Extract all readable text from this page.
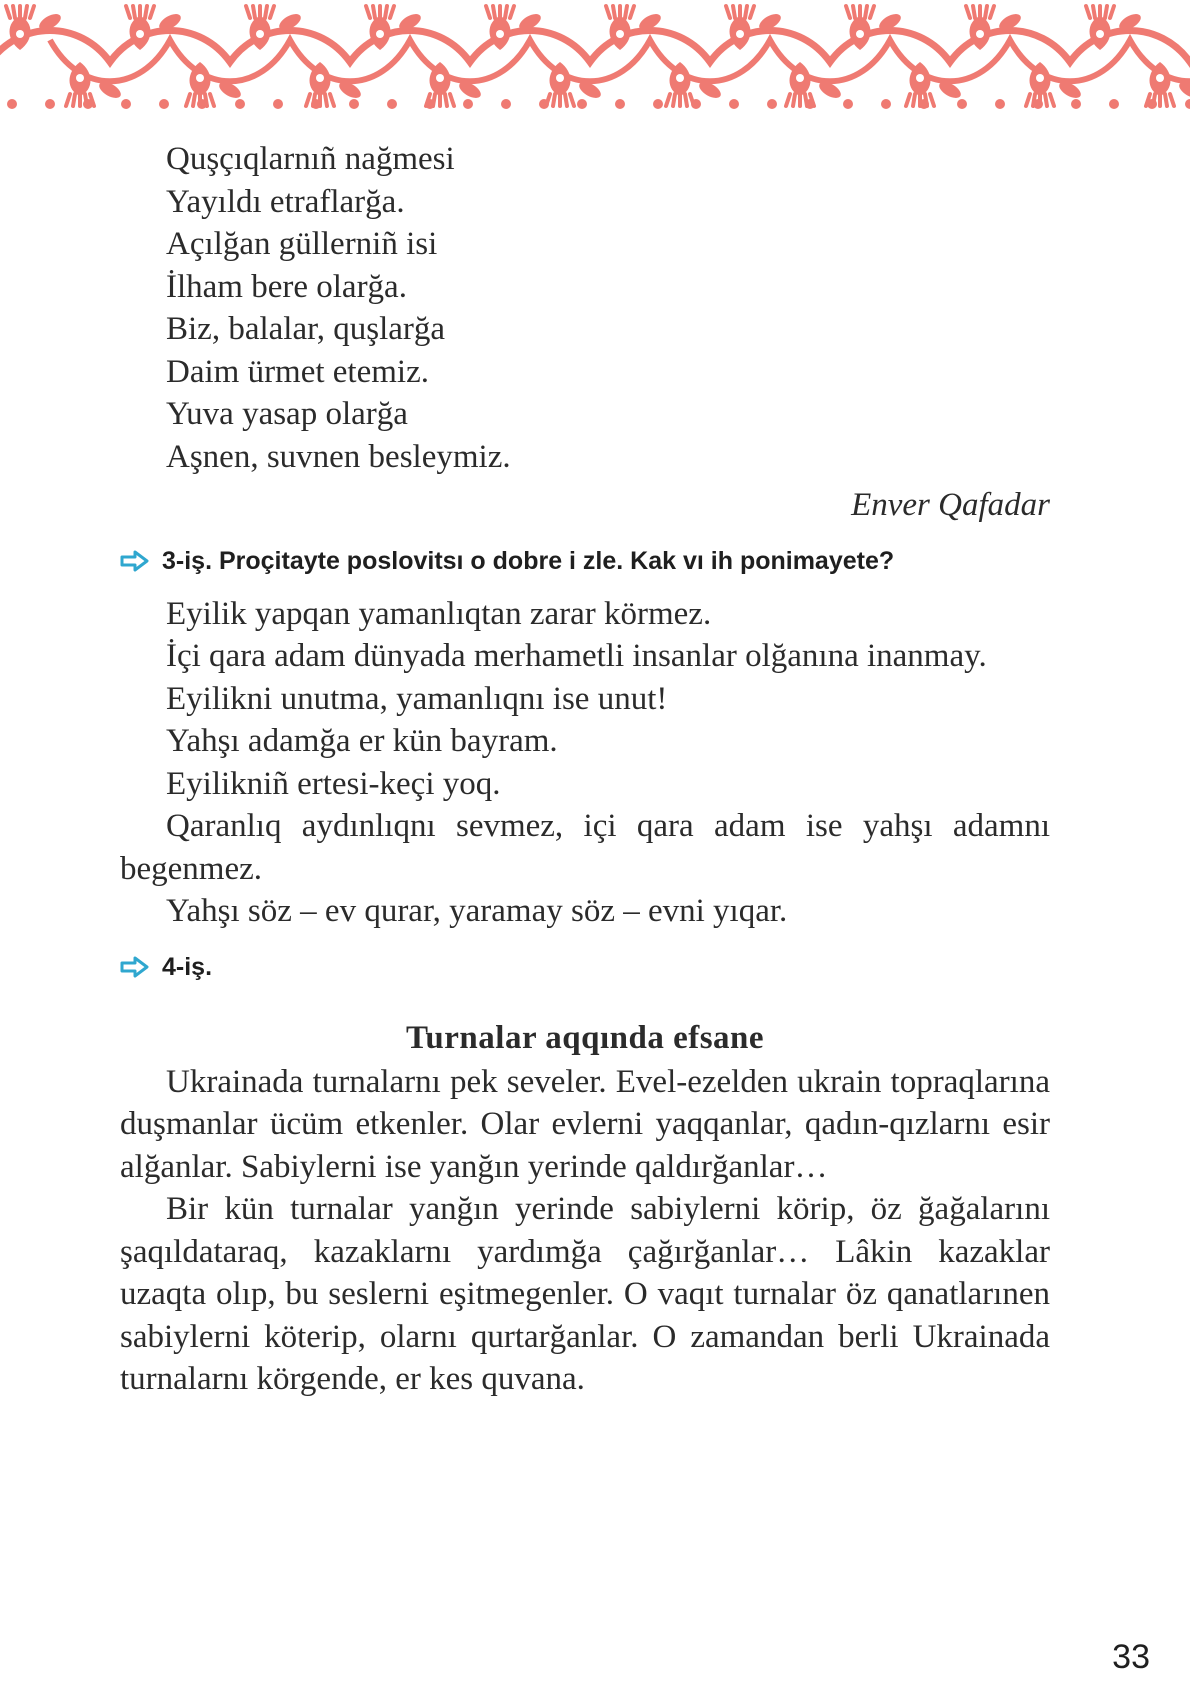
Quşçıqlarnıñ nağmesi
Yayıldı etraflarğa.
Açılğan güllerniñ isi
İlham bere olarğa.
Biz, balalar, quşlarğa
Daim ürmet etemiz.
Yuva yasap olarğa
Aşnen, suvnen besleymiz.
Enver Qafadar
3-iş. Proçitayte poslovitsı o dobre i zle. Kak vı ih ponimayete?

Eyilik yapqan yamanlıqtan zarar körmez.

İçi qara adam dünyada merhametli insanlar olğanına inanmay.

Eyilikni unutma, yamanlıqnı ise unut!

Yahşı adamğa er kün bayram.

Eyilikniñ ertesi-keçi yoq.

Qaranlıq aydınlıqnı sevmez, içi qara adam ise yahşı adamnı begenmez.

Yahşı söz – ev qurar, yaramay söz – evni yıqar.

4-iş.
Turnalar aqqında efsane

Ukrainada turnalarnı pek seveler. Evel-ezelden ukrain topraqlarına duşmanlar ücüm etkenler. Olar evlerni yaqqanlar, qadın-qızlarnı esir alğanlar. Sabiylerni ise yanğın yerinde qaldırğanlar…

Bir kün turnalar yanğın yerinde sabiylerni körip, öz ğağalarını şaqıldataraq, kazaklarnı yardımğa çağırğanlar… Lâkin kazaklar uzaqta olıp, bu seslerni eşitmegenler. O vaqıt turnalar öz qanatlarınen sabiylerni köterip, olarnı qurtarğanlar. O zamandan berli Ukrainada turnalarnı körgende, er kes quvana.

33
